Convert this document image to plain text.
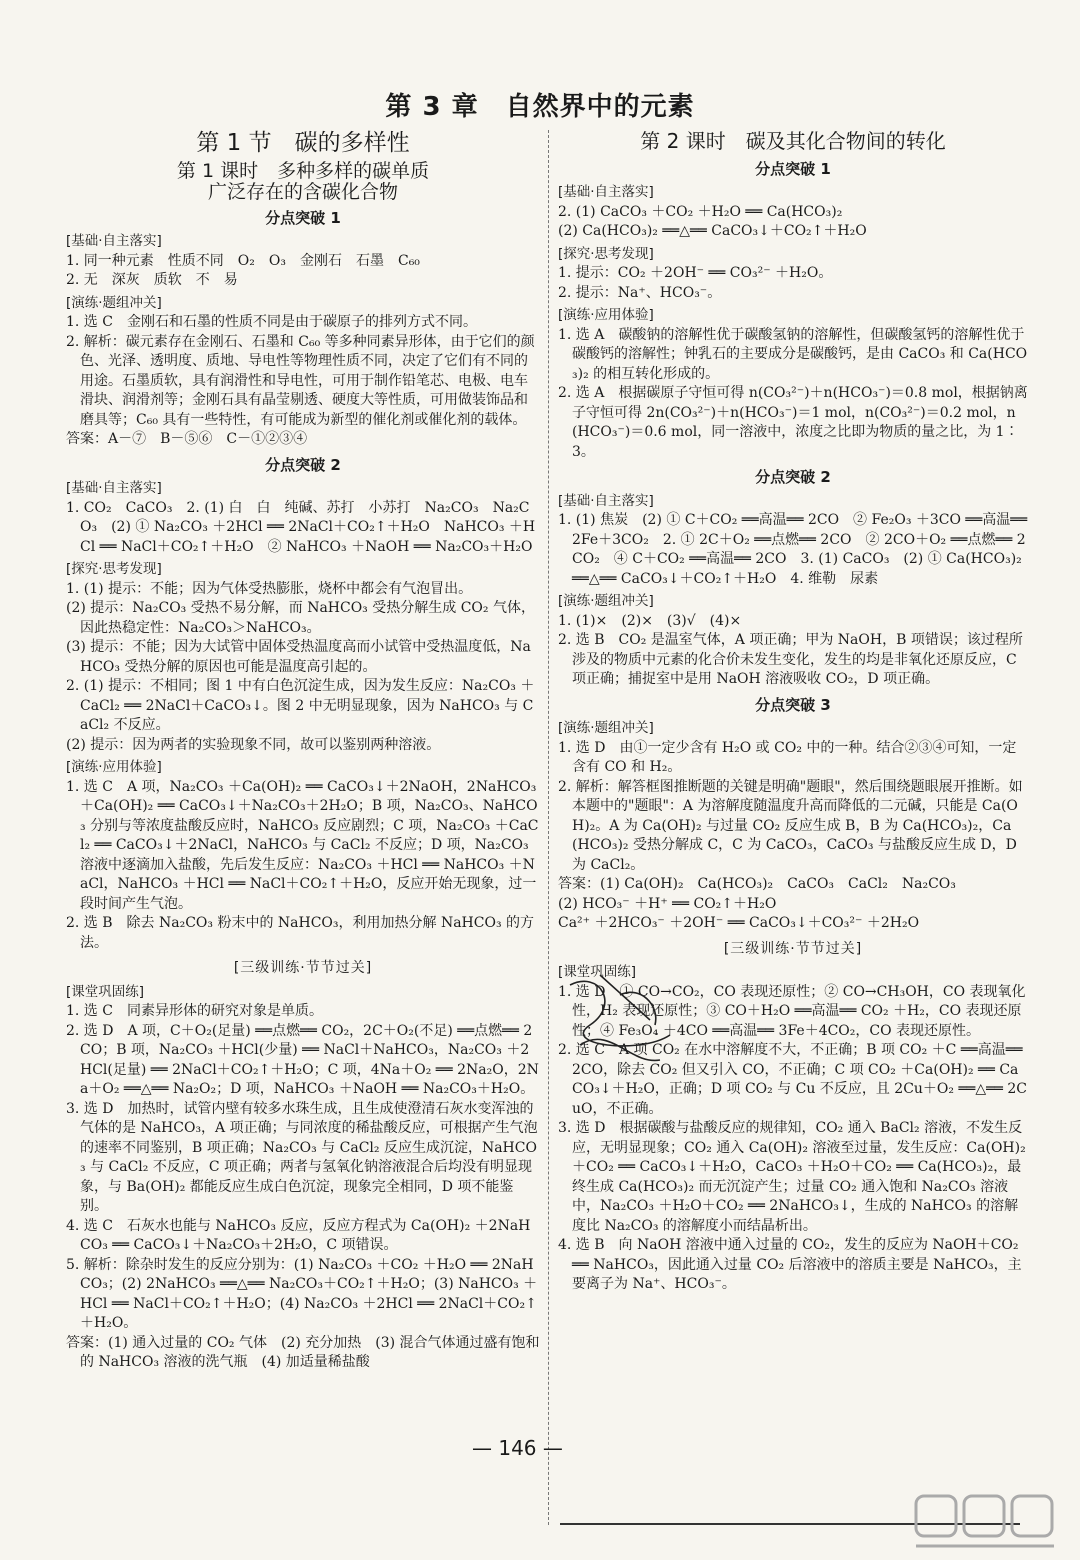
第 3 章　自然界中的元素
第 1 节　碳的多样性
第 1 课时　多种多样的碳单质
广泛存在的含碳化合物
分点突破 1
[基础·自主落实]

1. 同一种元素　性质不同　O₂　O₃　金刚石　石墨　C₆₀

2. 无　深灰　质软　不　易

[演练·题组冲关]

1. 选 C　金刚石和石墨的性质不同是由于碳原子的排列方式不同。

2. 解析：碳元素存在金刚石、石墨和 C₆₀ 等多种同素异形体，由于它们的颜色、光泽、透明度、质地、导电性等物理性质不同，决定了它们有不同的用途。石墨质软，具有润滑性和导电性，可用于制作铅笔芯、电极、电车滑块、润滑剂等；金刚石具有晶莹剔透、硬度大等性质，可用做装饰品和磨具等；C₆₀ 具有一些特性，有可能成为新型的催化剂或催化剂的载体。

答案：A－⑦　B－⑤⑥　C－①②③④

分点突破 2
[基础·自主落实]

1. CO₂　CaCO₃　2. (1) 白　白　纯碱、苏打　小苏打　Na₂CO₃　Na₂CO₃　(2) ① Na₂CO₃ ＋2HCl ══ 2NaCl＋CO₂↑＋H₂O　NaHCO₃ ＋HCl ══ NaCl＋CO₂↑＋H₂O　② NaHCO₃ ＋NaOH ══ Na₂CO₃＋H₂O

[探究·思考发现]

1. (1) 提示：不能；因为气体受热膨胀，烧杯中都会有气泡冒出。

(2) 提示：Na₂CO₃ 受热不易分解，而 NaHCO₃ 受热分解生成 CO₂ 气体，因此热稳定性：Na₂CO₃＞NaHCO₃。

(3) 提示：不能；因为大试管中固体受热温度高而小试管中受热温度低，NaHCO₃ 受热分解的原因也可能是温度高引起的。

2. (1) 提示：不相同；图 1 中有白色沉淀生成，因为发生反应：Na₂CO₃ ＋CaCl₂ ══ 2NaCl＋CaCO₃↓。图 2 中无明显现象，因为 NaHCO₃ 与 CaCl₂ 不反应。

(2) 提示：因为两者的实验现象不同，故可以鉴别两种溶液。

[演练·应用体验]

1. 选 C　A 项，Na₂CO₃ ＋Ca(OH)₂ ══ CaCO₃↓＋2NaOH，2NaHCO₃ ＋Ca(OH)₂ ══ CaCO₃↓＋Na₂CO₃＋2H₂O；B 项，Na₂CO₃、NaHCO₃ 分别与等浓度盐酸反应时，NaHCO₃ 反应剧烈；C 项，Na₂CO₃ ＋CaCl₂ ══ CaCO₃↓＋2NaCl，NaHCO₃ 与 CaCl₂ 不反应；D 项，Na₂CO₃ 溶液中逐滴加入盐酸，先后发生反应：Na₂CO₃ ＋HCl ══ NaHCO₃ ＋NaCl，NaHCO₃ ＋HCl ══ NaCl＋CO₂↑＋H₂O，反应开始无现象，过一段时间产生气泡。

2. 选 B　除去 Na₂CO₃ 粉末中的 NaHCO₃，利用加热分解 NaHCO₃ 的方法。

[三级训练·节节过关]
[课堂巩固练]

1. 选 C　同素异形体的研究对象是单质。

2. 选 D　A 项，C＋O₂(足量) ══点燃══ CO₂，2C＋O₂(不足) ══点燃══ 2CO；B 项，Na₂CO₃ ＋HCl(少量) ══ NaCl＋NaHCO₃，Na₂CO₃ ＋2HCl(足量) ══ 2NaCl＋CO₂↑＋H₂O；C 项，4Na＋O₂ ══ 2Na₂O，2Na＋O₂ ══△══ Na₂O₂；D 项，NaHCO₃ ＋NaOH ══ Na₂CO₃＋H₂O。

3. 选 D　加热时，试管内壁有较多水珠生成，且生成使澄清石灰水变浑浊的气体的是 NaHCO₃，A 项正确；与同浓度的稀盐酸反应，可根据产生气泡的速率不同鉴别，B 项正确；Na₂CO₃ 与 CaCl₂ 反应生成沉淀，NaHCO₃ 与 CaCl₂ 不反应，C 项正确；两者与氢氧化钠溶液混合后均没有明显现象，与 Ba(OH)₂ 都能反应生成白色沉淀，现象完全相同，D 项不能鉴别。

4. 选 C　石灰水也能与 NaHCO₃ 反应，反应方程式为 Ca(OH)₂ ＋2NaHCO₃ ══ CaCO₃↓＋Na₂CO₃＋2H₂O，C 项错误。

5. 解析：除杂时发生的反应分别为：(1) Na₂CO₃ ＋CO₂ ＋H₂O ══ 2NaHCO₃；(2) 2NaHCO₃ ══△══ Na₂CO₃＋CO₂↑＋H₂O；(3) NaHCO₃ ＋HCl ══ NaCl＋CO₂↑＋H₂O；(4) Na₂CO₃ ＋2HCl ══ 2NaCl＋CO₂↑＋H₂O。

答案：(1) 通入过量的 CO₂ 气体　(2) 充分加热　(3) 混合气体通过盛有饱和的 NaHCO₃ 溶液的洗气瓶　(4) 加适量稀盐酸

第 2 课时　碳及其化合物间的转化
分点突破 1
[基础·自主落实]

2. (1) CaCO₃ ＋CO₂ ＋H₂O ══ Ca(HCO₃)₂

(2) Ca(HCO₃)₂ ══△══ CaCO₃↓＋CO₂↑＋H₂O

[探究·思考发现]

1. 提示：CO₂ ＋2OH⁻ ══ CO₃²⁻ ＋H₂O。

2. 提示：Na⁺、HCO₃⁻。

[演练·应用体验]

1. 选 A　碳酸钠的溶解性优于碳酸氢钠的溶解性，但碳酸氢钙的溶解性优于碳酸钙的溶解性；钟乳石的主要成分是碳酸钙，是由 CaCO₃ 和 Ca(HCO₃)₂ 的相互转化形成的。

2. 选 A　根据碳原子守恒可得 n(CO₃²⁻)＋n(HCO₃⁻)＝0.8 mol，根据钠离子守恒可得 2n(CO₃²⁻)＋n(HCO₃⁻)＝1 mol，n(CO₃²⁻)＝0.2 mol，n(HCO₃⁻)＝0.6 mol，同一溶液中，浓度之比即为物质的量之比，为 1∶3。

分点突破 2
[基础·自主落实]

1. (1) 焦炭　(2) ① C＋CO₂ ══高温══ 2CO　② Fe₂O₃ ＋3CO ══高温══ 2Fe＋3CO₂　2. ① 2C＋O₂ ══点燃══ 2CO　② 2CO＋O₂ ══点燃══ 2CO₂　④ C＋CO₂ ══高温══ 2CO　3. (1) CaCO₃　(2) ① Ca(HCO₃)₂ ══△══ CaCO₃↓＋CO₂↑＋H₂O　4. 维勒　尿素

[演练·题组冲关]

1. (1)×　(2)×　(3)√　(4)×

2. 选 B　CO₂ 是温室气体，A 项正确；甲为 NaOH，B 项错误；该过程所涉及的物质中元素的化合价未发生变化，发生的均是非氧化还原反应，C 项正确；捕捉室中是用 NaOH 溶液吸收 CO₂，D 项正确。

分点突破 3
[演练·题组冲关]

1. 选 D　由①一定少含有 H₂O 或 CO₂ 中的一种。结合②③④可知，一定含有 CO 和 H₂。

2. 解析：解答框图推断题的关键是明确"题眼"，然后围绕题眼展开推断。如本题中的"题眼"：A 为溶解度随温度升高而降低的二元碱，只能是 Ca(OH)₂。A 为 Ca(OH)₂ 与过量 CO₂ 反应生成 B，B 为 Ca(HCO₃)₂，Ca(HCO₃)₂ 受热分解成 C，C 为 CaCO₃，CaCO₃ 与盐酸反应生成 D，D 为 CaCl₂。

答案：(1) Ca(OH)₂　Ca(HCO₃)₂　CaCO₃　CaCl₂　Na₂CO₃

(2) HCO₃⁻ ＋H⁺ ══ CO₂↑＋H₂O

Ca²⁺ ＋2HCO₃⁻ ＋2OH⁻ ══ CaCO₃↓＋CO₃²⁻ ＋2H₂O

[三级训练·节节过关]
[课堂巩固练]

1. 选 D　① CO→CO₂，CO 表现还原性；② CO→CH₃OH，CO 表现氧化性，H₂ 表现还原性；③ CO＋H₂O ══高温══ CO₂ ＋H₂，CO 表现还原性；④ Fe₃O₄ ＋4CO ══高温══ 3Fe＋4CO₂，CO 表现还原性。

2. 选 C　A 项 CO₂ 在水中溶解度不大，不正确；B 项 CO₂ ＋C ══高温══ 2CO，除去 CO₂ 但又引入 CO，不正确；C 项 CO₂ ＋Ca(OH)₂ ══ CaCO₃↓＋H₂O，正确；D 项 CO₂ 与 Cu 不反应，且 2Cu＋O₂ ══△══ 2CuO，不正确。

3. 选 D　根据碳酸与盐酸反应的规律知，CO₂ 通入 BaCl₂ 溶液，不发生反应，无明显现象；CO₂ 通入 Ca(OH)₂ 溶液至过量，发生反应：Ca(OH)₂ ＋CO₂ ══ CaCO₃↓＋H₂O，CaCO₃ ＋H₂O＋CO₂ ══ Ca(HCO₃)₂，最终生成 Ca(HCO₃)₂ 而无沉淀产生；过量 CO₂ 通入饱和 Na₂CO₃ 溶液中，Na₂CO₃ ＋H₂O＋CO₂ ══ 2NaHCO₃↓，生成的 NaHCO₃ 的溶解度比 Na₂CO₃ 的溶解度小而结晶析出。

4. 选 B　向 NaOH 溶液中通入过量的 CO₂，发生的反应为 NaOH＋CO₂ ══ NaHCO₃，因此通入过量 CO₂ 后溶液中的溶质主要是 NaHCO₃，主要离子为 Na⁺、HCO₃⁻。

— 146 —
